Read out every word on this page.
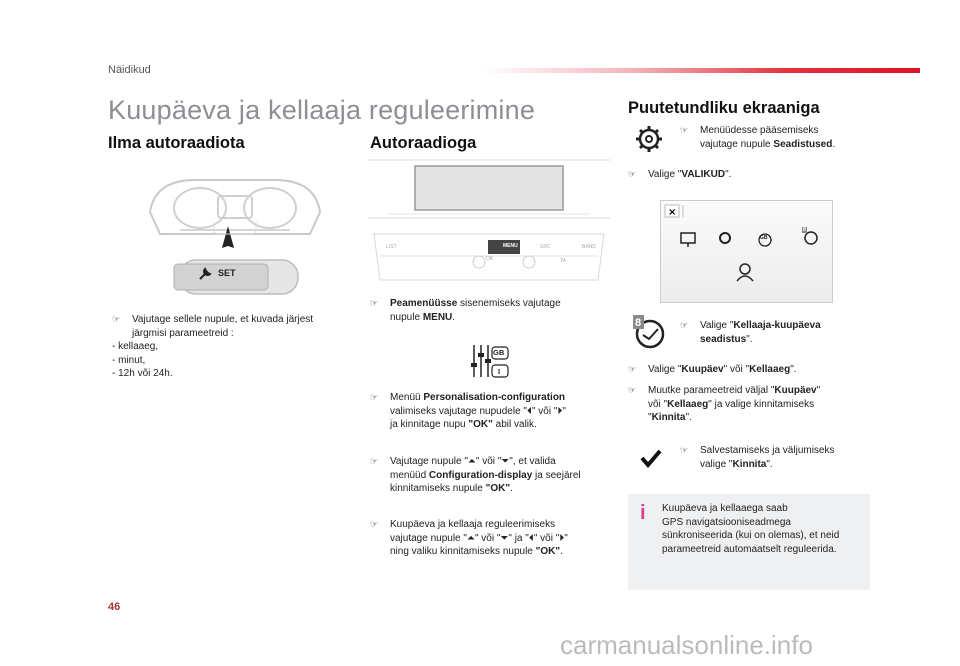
Näidikud
Kuupäeva ja kellaaja reguleerimine
Ilma autoraadiota
SET
☞ Vajutage sellele nupule, et kuvada järjest
järgmisi parameetreid :
- kellaaeg,
- minut,
- 12h või 24h.
Autoraadioga
MENU
LIST	SRC	BAND
OK	TA
☞ Peamenüüsse sisenemiseks vajutage
nupule MENU.
GB
I
☞ Menüü Personalisation-configuration
valimiseks vajutage nupudele "⏴" või "⏵"
ja kinnitage nupu "OK" abil valik.
☞ Vajutage nupule "⏶" või "⏷", et valida
menüüd Configuration-display ja seejärel
kinnitamiseks nupule "OK".
☞ Kuupäeva ja kellaaja reguleerimiseks
vajutage nupule "⏶" või "⏷" ja "⏴" või "⏵"
ning valiku kinnitamiseks nupule "OK".
Puutetundliku ekraaniga
☞ Menüüdesse pääsemiseks
vajutage nupule Seadistused.
☞ Valige "VALIKUD".
×
GB
8
8	☞ Valige "Kellaaja-kuupäeva
seadistus".
☞ Valige "Kuupäev" või "Kellaaeg".
☞ Muutke parameetreid väljal "Kuupäev"
või "Kellaaeg" ja valige kinnitamiseks
"Kinnita".
☞ Salvestamiseks ja väljumiseks
valige "Kinnita".
i Kuupäeva ja kellaaega saab
GPS navigatsiooniseadmega
sünkroniseerida (kui on olemas), et neid
parameetreid automaatselt reguleerida.
46
carmanualsonline.info
